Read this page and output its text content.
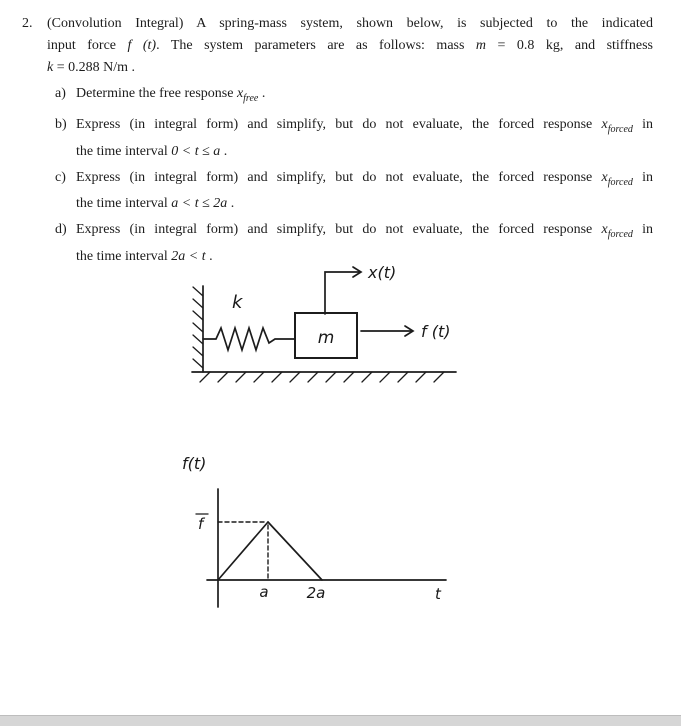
2.	(Convolution Integral) A spring-mass system, shown below, is subjected to the indicated
input force f (t). The system parameters are as follows: mass m = 0.8 kg, and stiffness
k = 0.288 N/m .
a) Determine the free response $x_{free}$ .
b) Express (in integral form) and simplify, but do not evaluate, the forced response $x_{forced}$ in
the time interval 0 < t ≤ a .
c) Express (in integral form) and simplify, but do not evaluate, the forced response $x_{forced}$ in
the time interval a < t ≤ 2a .
d) Express (in integral form) and simplify, but do not evaluate, the forced response $x_{forced}$ in
the time interval 2a < t .
k
m
x(t)
f (t)
f(t)
f
a	2a	t
